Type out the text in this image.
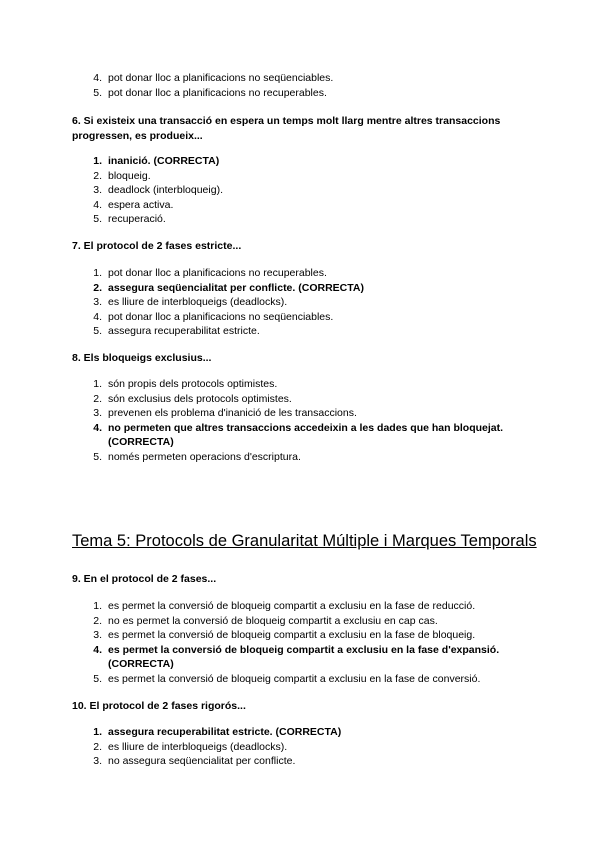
4. pot donar lloc a planificacions no seqüenciables.
5. pot donar lloc a planificacions no recuperables.

6. Si existeix una transacció en espera un temps molt llarg mentre altres transaccions progressen, es produeix...

1. inanició. (CORRECTA)
2. bloqueig.
3. deadlock (interbloqueig).
4. espera activa.
5. recuperació.

7. El protocol de 2 fases estricte...

1. pot donar lloc a planificacions no recuperables.
2. assegura seqüencialitat per conflicte. (CORRECTA)
3. es lliure de interbloqueigs (deadlocks).
4. pot donar lloc a planificacions no seqüenciables.
5. assegura recuperabilitat estricte.

8. Els bloqueigs exclusius...

1. són propis dels protocols optimistes.
2. són exclusius dels protocols optimistes.
3. prevenen els problema d'inanició de les transaccions.
4. no permeten que altres transaccions accedeixin a les dades que han bloquejat. (CORRECTA)
5. només permeten operacions d'escriptura.
Tema 5: Protocols de Granularitat Múltiple i Marques Temporals

9. En el protocol de 2 fases...

1. es permet la conversió de bloqueig compartit a exclusiu en la fase de reducció.
2. no es permet la conversió de bloqueig compartit a exclusiu en cap cas.
3. es permet la conversió de bloqueig compartit a exclusiu en la fase de bloqueig.
4. es permet la conversió de bloqueig compartit a exclusiu en la fase d'expansió. (CORRECTA)
5. es permet la conversió de bloqueig compartit a exclusiu en la fase de conversió.

10. El protocol de 2 fases rigorós...

1. assegura recuperabilitat estricte. (CORRECTA)
2. es lliure de interbloqueigs (deadlocks).
3. no assegura seqüencialitat per conflicte.
